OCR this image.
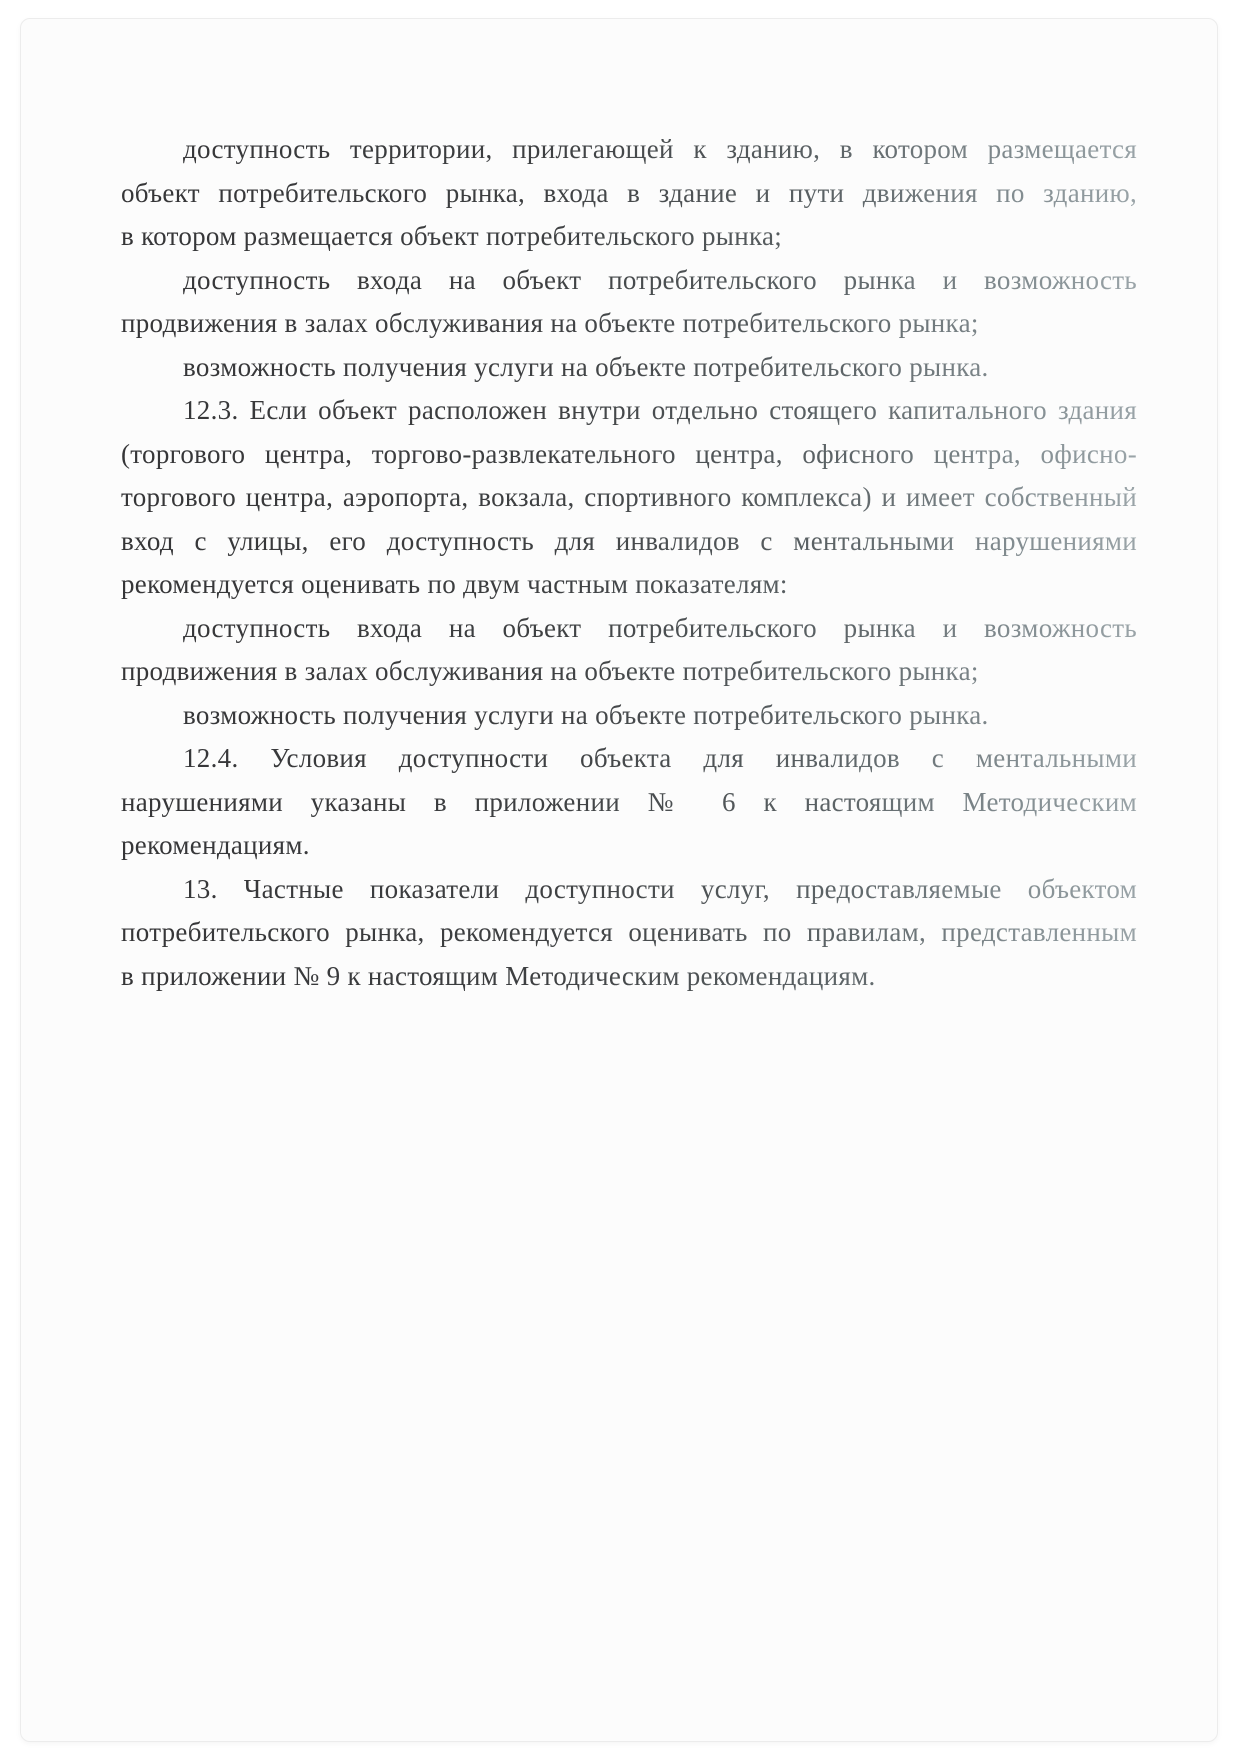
доступность территории, прилегающей к зданию, в котором размещается
объект потребительского рынка, входа в здание и пути движения по зданию,
в котором размещается объект потребительского рынка;
доступность входа на объект потребительского рынка и возможность
продвижения в залах обслуживания на объекте потребительского рынка;
возможность получения услуги на объекте потребительского рынка.
12.3. Если объект расположен внутри отдельно стоящего капитального здания
(торгового центра, торгово-развлекательного центра, офисного центра, офисно-
торгового центра, аэропорта, вокзала, спортивного комплекса) и имеет собственный
вход с улицы, его доступность для инвалидов с ментальными нарушениями
рекомендуется оценивать по двум частным показателям:
доступность входа на объект потребительского рынка и возможность
продвижения в залах обслуживания на объекте потребительского рынка;
возможность получения услуги на объекте потребительского рынка.
12.4. Условия доступности объекта для инвалидов с ментальными
нарушениями указаны в приложении № 6 к настоящим Методическим
рекомендациям.
13. Частные показатели доступности услуг, предоставляемые объектом
потребительского рынка, рекомендуется оценивать по правилам, представленным
в приложении № 9 к настоящим Методическим рекомендациям.
